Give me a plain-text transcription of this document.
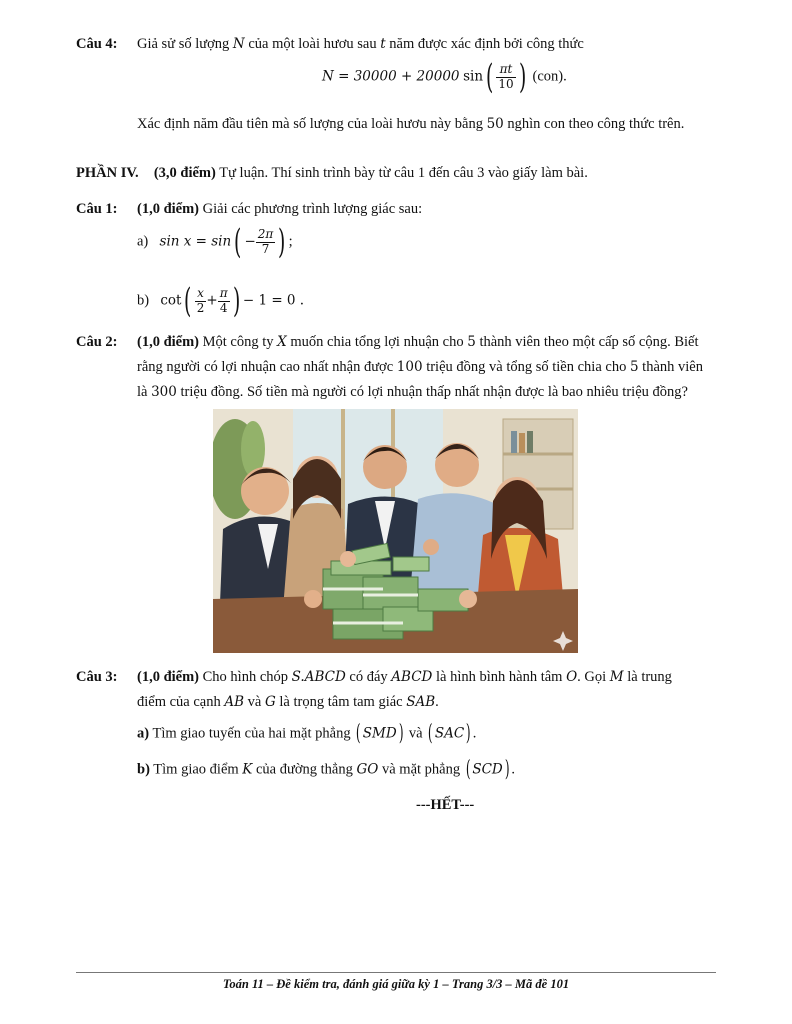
Câu 4: Giả sử số lượng N của một loài hươu sau t năm được xác định bởi công thức
N = 30000 + 20000 $\sin( \frac{\pi t}{10}$ ) (con).
Xác định năm đầu tiên mà số lượng của loài hươu này bằng 50 nghìn con theo công thức trên.
PHẦN IV. (3,0 điểm) Tự luận. Thí sinh trình bày từ câu 1 đến câu 3 vào giấy làm bài.
Câu 1: (1,0 điểm) Giải các phương trình lượng giác sau:
a) $\sin x = \sin( - \frac{2\pi}{7}$ ) ;
b) $\cot( \frac{x}{2} + \frac{\pi}{4}$ ) − 1 = 0 .
Câu 2: (1,0 điểm) Một công ty X muốn chia tổng lợi nhuận cho 5 thành viên theo một cấp số cộng. Biết
rằng người có lợi nhuận cao nhất nhận được 100 triệu đồng và tổng số tiền chia cho 5 thành viên
là 300 triệu đồng. Số tiền mà người có lợi nhuận thấp nhất nhận được là bao nhiêu triệu đồng?
Câu 3: (1,0 điểm) Cho hình chóp S.ABCD có đáy ABCD là hình bình hành tâm O. Gọi M là trung
điểm của cạnh AB và G là trọng tâm tam giác SAB.
a) Tìm giao tuyến của hai mặt phẳng ( SMD) và ( SAC) .
b) Tìm giao điểm K của đường thẳng GO và mặt phẳng ( SCD) .
---HẾT---
Toán 11 – Đề kiểm tra, đánh giá giữa kỳ 1 – Trang 3/3 – Mã đề 101
